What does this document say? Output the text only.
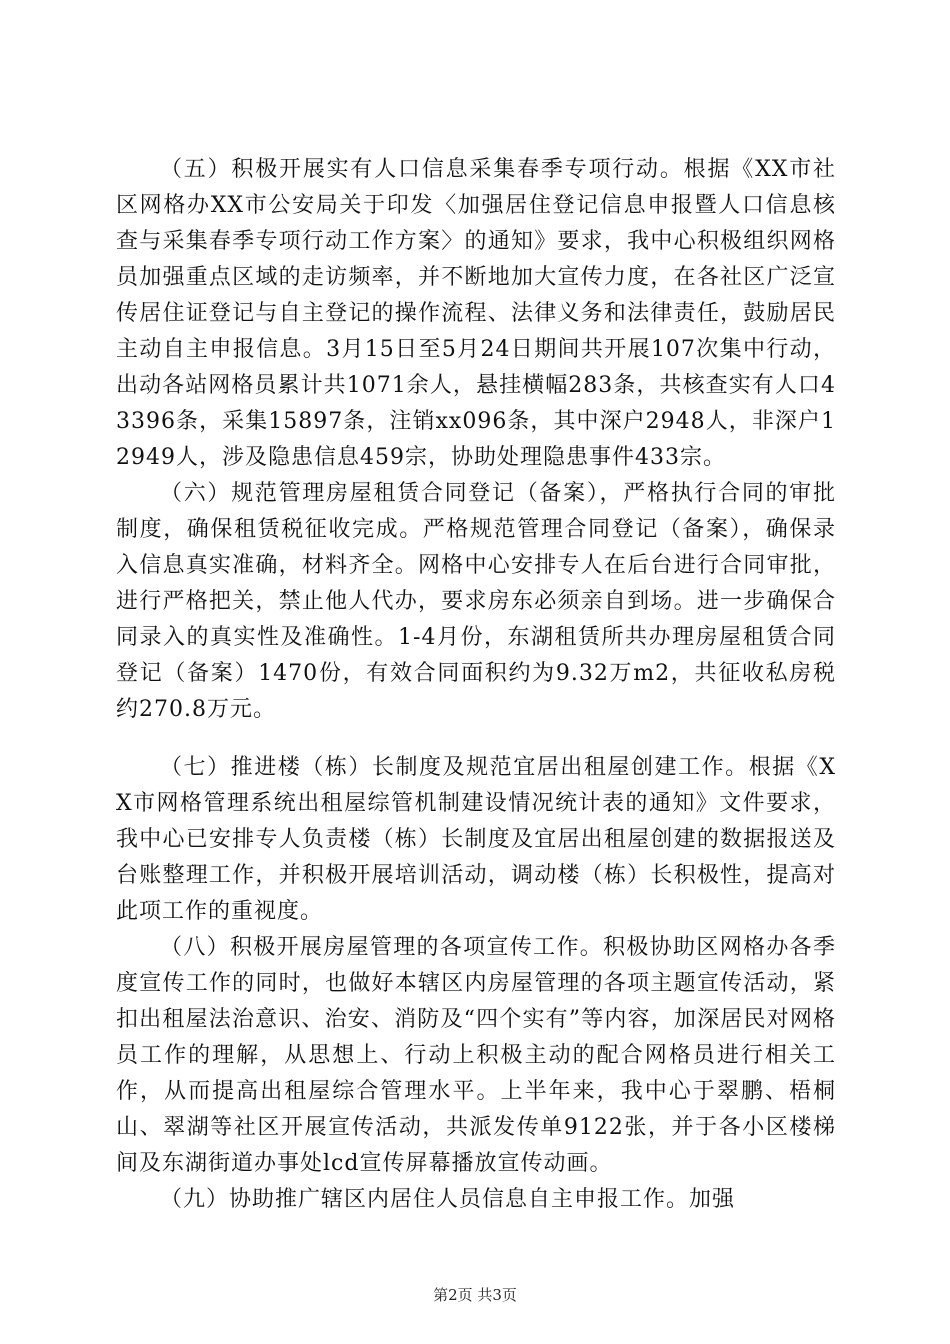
（五）积极开展实有人口信息采集春季专项行动。根据《XX市社区网格办XX市公安局关于印发〈加强居住登记信息申报暨人口信息核查与采集春季专项行动工作方案〉的通知》要求，我中心积极组织网格员加强重点区域的走访频率，并不断地加大宣传力度，在各社区广泛宣传居住证登记与自主登记的操作流程、法律义务和法律责任，鼓励居民主动自主申报信息。3月15日至5月24日期间共开展107次集中行动，出动各站网格员累计共1071余人，悬挂横幅283条，共核查实有人口43396条，采集15897条，注销xx096条，其中深户2948人，非深户12949人，涉及隐患信息459宗，协助处理隐患事件433宗。

（六）规范管理房屋租赁合同登记（备案），严格执行合同的审批制度，确保租赁税征收完成。严格规范管理合同登记（备案），确保录入信息真实准确，材料齐全。网格中心安排专人在后台进行合同审批，进行严格把关，禁止他人代办，要求房东必须亲自到场。进一步确保合同录入的真实性及准确性。1-4月份，东湖租赁所共办理房屋租赁合同登记（备案）1470份，有效合同面积约为9.32万m2，共征收私房税约270.8万元。

（七）推进楼（栋）长制度及规范宜居出租屋创建工作。根据《XX市网格管理系统出租屋综管机制建设情况统计表的通知》文件要求，我中心已安排专人负责楼（栋）长制度及宜居出租屋创建的数据报送及台账整理工作，并积极开展培训活动，调动楼（栋）长积极性，提高对此项工作的重视度。

（八）积极开展房屋管理的各项宣传工作。积极协助区网格办各季度宣传工作的同时，也做好本辖区内房屋管理的各项主题宣传活动，紧扣出租屋法治意识、治安、消防及“四个实有”等内容，加深居民对网格员工作的理解，从思想上、行动上积极主动的配合网格员进行相关工作，从而提高出租屋综合管理水平。上半年来，我中心于翠鹏、梧桐山、翠湖等社区开展宣传活动，共派发传单9122张，并于各小区楼梯间及东湖街道办事处lcd宣传屏幕播放宣传动画。

（九）协助推广辖区内居住人员信息自主申报工作。加强

第2页 共3页
